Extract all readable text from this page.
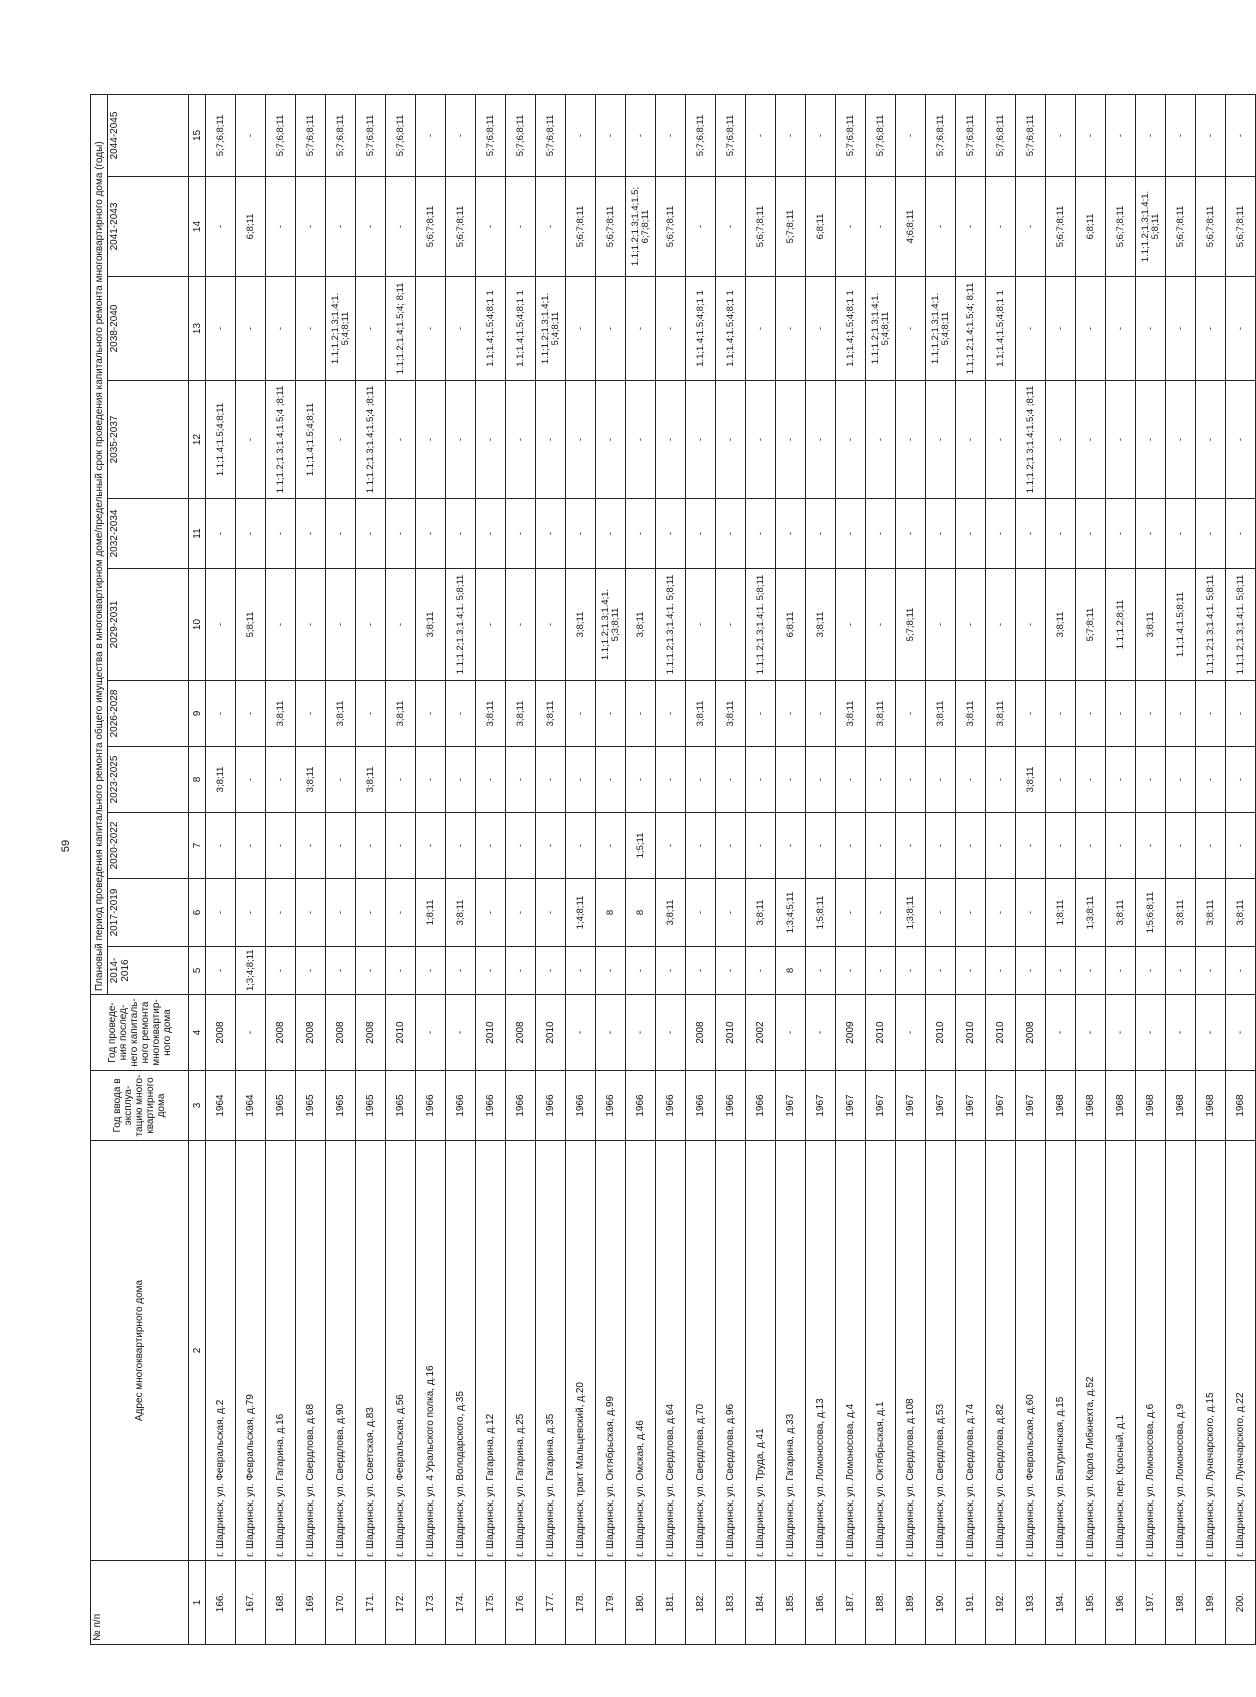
59
№ п/п	Адрес многоквартирного дома	Год ввода в эксплуа- тацию много- квартирного дома	Год проведе- ния послед- него капиталь- ного ремонта многоквартир- ного дома	Плановый период проведения капитального ремонта общего имущества в многоквартирном доме/предельный срок проведения капитального ремонта многоквартирного дома (годы)										
				2014-2016	2017-2019	2020-2022	2023-2025	2026-2028	2029-2031	2032-2034	2035-2037	2038-2040	2041-2043	2044-2045
1	2	3	4	5	6	7	8	9	10	11	12	13	14	15
166.	г. Шадринск, ул. Февральская, д.2	1964	2008	-	-	-	3;8;11	-	-	-	1.1;1.4;1.5;4;8;11	-	-	5;7;6;8;11
167.	г. Шадринск, ул. Февральская, д.79	1964	-	1;3;4;8;11	-	-	-	-	5;8;11	-	-	-	6;8;11	-
168.	г. Шадринск, ул. Гагарина, д.16	1965	2008	-	-	-	-	3;8;11	-	-	1.1;1.2;1.3;1.4;1.5;4 ;8;11	-	-	5;7;6;8;11
169.	г. Шадринск, ул. Свердлова, д.68	1965	2008	-	-	-	3;8;11	-	-	-	1.1;1.4;1.5;4;8;11	-	-	5;7;6;8;11
170.	г. Шадринск, ул. Свердлова, д.90	1965	2008	-	-	-	-	3;8;11	-	-	-	1.1;1.2;1.3;1.4;1. 5;4;8;11	-	5;7;6;8;11
171.	г. Шадринск, ул. Советская, д.83	1965	2008	-	-	-	3;8;11	-	-	-	1.1;1.2;1.3;1.4;1.5;4 ;8;11	-	-	5;7;6;8;11
172.	г. Шадринск, ул. Февральская, д.56	1965	2010	-	-	-	-	3;8;11	-	-	-	1.1;1.2;1.4;1.5;4; 8;11	-	5;7;6;8;11
173.	г. Шадринск, ул. 4 Уральского полка, д.16	1966	-	-	1;8;11	-	-	-	3;8;11	-	-	-	5;6;7;8;11	-
174.	г. Шадринск, ул. Володарского, д.35	1966	-	-	3;8;11	-	-	-	1.1;1.2;1.3;1.4;1. 5;8;11	-	-	-	5;6;7;8;11	-
175.	г. Шадринск, ул. Гагарина, д.12	1966	2010	-	-	-	-	3;8;11	-	-	-	1.1;1.4;1.5;4;8;1 1	-	5;7;6;8;11
176.	г. Шадринск, ул. Гагарина, д.25	1966	2008	-	-	-	-	3;8;11	-	-	-	1.1;1.4;1.5;4;8;1 1	-	5;7;6;8;11
177.	г. Шадринск, ул. Гагарина, д.35	1966	2010	-	-	-	-	3;8;11	-	-	-	1.1;1.2;1.3;1.4;1. 5;4;8;11	-	5;7;6;8;11
178.	г. Шадринск, тракт Мальцевский, д.20	1966	-	-	1;4;8;11	-	-	-	3;8;11	-	-	-	5;6;7;8;11	-
179.	г. Шадринск, ул. Октябрьская, д.99	1966	-	-	8	-	-	-	1.1;1.2;1.3;1.4;1. 5;3;8;11	-	-	-	5;6;7;8;11	-
180.	г. Шадринск, ул. Омская, д.46	1966	-	-	8	1;5;11	-	-	3;8;11	-	-	-	1.1;1.2;1.3;1.4;1.5; 6;7;8;11	-
181.	г. Шадринск, ул. Свердлова, д.64	1966	-	-	3;8;11	-	-	-	1.1;1.2;1.3;1.4;1. 5;8;11	-	-	-	5;6;7;8;11	-
182.	г. Шадринск, ул. Свердлова, д.70	1966	2008	-	-	-	-	3;8;11	-	-	-	1.1;1.4;1.5;4;8;1 1	-	5;7;6;8;11
183.	г. Шадринск, ул. Свердлова, д.96	1966	2010	-	-	-	-	3;8;11	-	-	-	1.1;1.4;1.5;4;8;1 1	-	5;7;6;8;11
184.	г. Шадринск, ул. Труда, д.41	1966	2002	-	3;8;11	-	-	-	1.1;1.2;1.3;1.4;1. 5;8;11	-	-	-	5;6;7;8;11	-
185.	г. Шадринск, ул. Гагарина, д.33	1967	-	8	1;3;4;5;11	-	-	-	6;8;11	-	-	-	5;7;8;11	-
186.	г. Шадринск, ул. Ломоносова, д.13	1967	-	-	1;5;8;11	-	-	-	3;8;11	-	-	-	6;8;11	-
187.	г. Шадринск, ул. Ломоносова, д.4	1967	2009	-	-	-	-	3;8;11	-	-	-	1.1;1.4;1.5;4;8;1 1	-	5;7;6;8;11
188.	г. Шадринск, ул. Октябрьская, д.1	1967	2010	-	-	-	-	3;8;11	-	-	-	1.1;1.2;1.3;1.4;1. 5;4;8;11	-	5;7;6;8;11
189.	г. Шадринск, ул. Свердлова, д.108	1967	-	-	1;3;8;11	-	-	-	5;7;8;11	-	-	-	4;6;8;11	-
190.	г. Шадринск, ул. Свердлова, д.53	1967	2010	-	-	-	-	3;8;11	-	-	-	1.1;1.2;1.3;1.4;1. 5;4;8;11	-	5;7;6;8;11
191.	г. Шадринск, ул. Свердлова, д.74	1967	2010	-	-	-	-	3;8;11	-	-	-	1.1;1.2;1.4;1.5;4; 8;11	-	5;7;6;8;11
192.	г. Шадринск, ул. Свердлова, д.82	1967	2010	-	-	-	-	3;8;11	-	-	-	1.1;1.4;1.5;4;8;1 1	-	5;7;6;8;11
193.	г. Шадринск, ул. Февральская, д.60	1967	2008	-	-	-	3;8;11	-	-	-	1.1;1.2;1.3;1.4;1.5;4 ;8;11	-	-	5;7;6;8;11
194.	г. Шадринск, ул. Батуринская, д.15	1968	-	-	1;8;11	-	-	-	3;8;11	-	-	-	5;6;7;8;11	-
195.	г. Шадринск, ул. Карла Либкнехта, д.52	1968	-	-	1;3;8;11	-	-	-	5;7;8;11	-	-	-	6;8;11	-
196.	г. Шадринск, пер. Красный, д.1	1968	-	-	3;8;11	-	-	-	1.1;1.2;8;11	-	-	-	5;6;7;8;11	-
197.	г. Шадринск, ул. Ломоносова, д.6	1968	-	-	1;5;6;8;11	-	-	-	3;8;11	-	-	-	1.1;1.2;1.3;1.4;1. 5;8;11	-
198.	г. Шадринск, ул. Ломоносова, д.9	1968	-	-	3;8;11	-	-	-	1.1;1.4;1.5;8;11	-	-	-	5;6;7;8;11	-
199.	г. Шадринск, ул. Луначарского, д.15	1968	-	-	3;8;11	-	-	-	1.1;1.2;1.3;1.4;1. 5;8;11	-	-	-	5;6;7;8;11	-
200.	г. Шадринск, ул. Луначарского, д.22	1968	-	-	3;8;11	-	-	-	1.1;1.2;1.3;1.4;1. 5;8;11	-	-	-	5;6;7;8;11	-
